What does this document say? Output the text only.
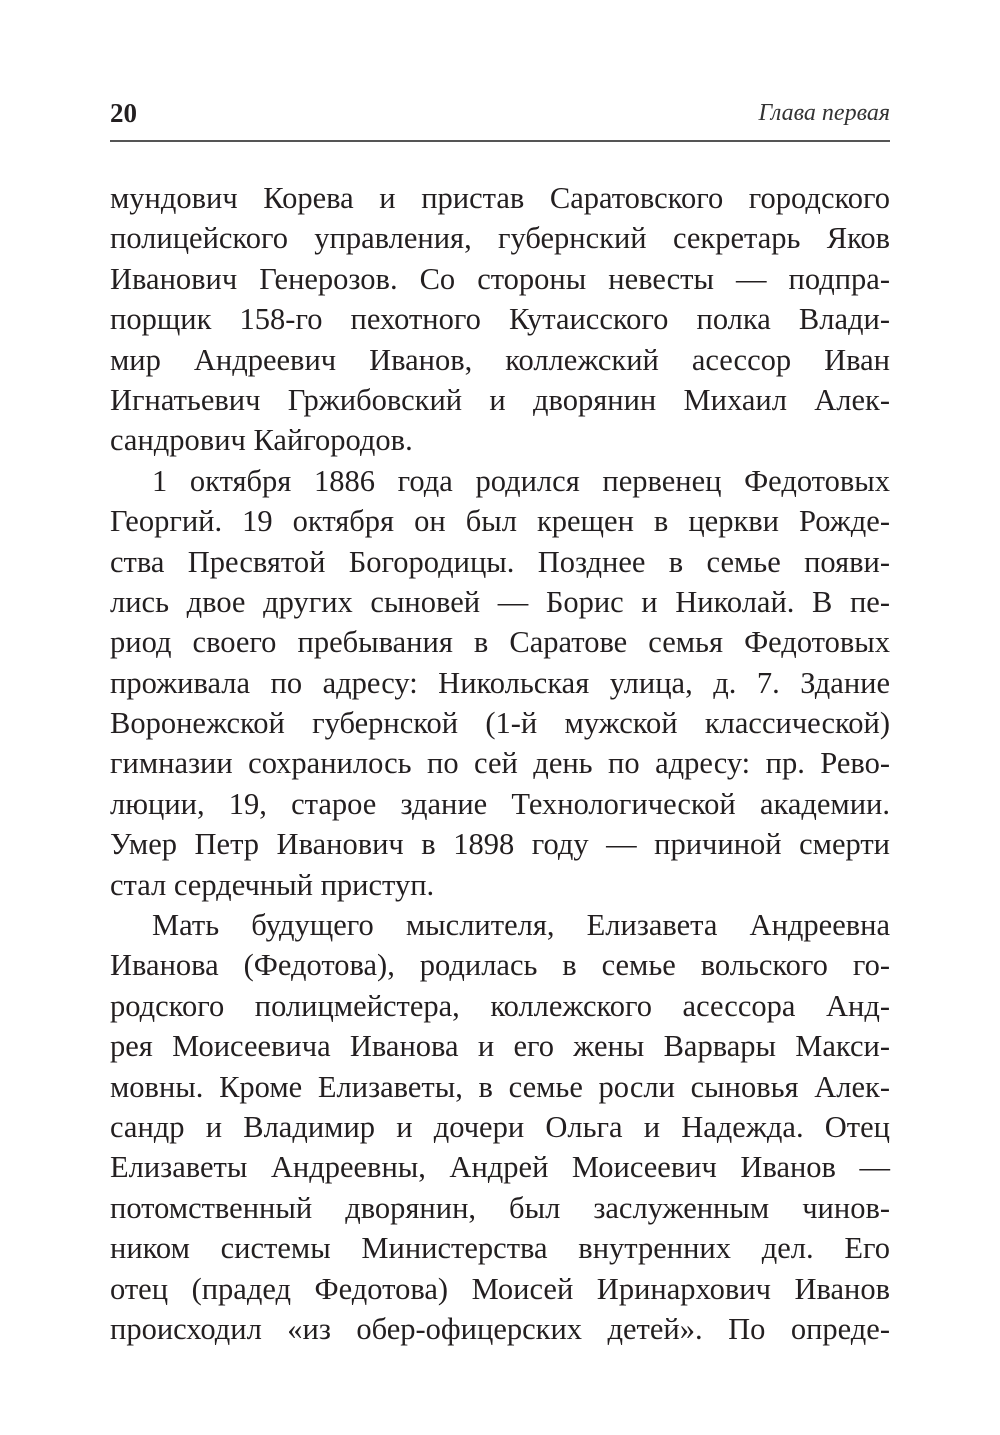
20	Глава первая
мундович Корева и пристав Саратовского городского
полицейского управления, губернский секретарь Яков
Иванович Генерозов. Со стороны невесты — подпра-
порщик 158-го пехотного Кутаисского полка Влади-
мир Андреевич Иванов, коллежский асессор Иван
Игнатьевич Гржибовский и дворянин Михаил Алек-
сандрович Кайгородов.
1 октября 1886 года родился первенец Федотовых
Георгий. 19 октября он был крещен в церкви Рожде-
ства Пресвятой Богородицы. Позднее в семье появи-
лись двое других сыновей — Борис и Николай. В пе-
риод своего пребывания в Саратове семья Федотовых
проживала по адресу: Никольская улица, д. 7. Здание
Воронежской губернской (1-й мужской классической)
гимназии сохранилось по сей день по адресу: пр. Рево-
люции, 19, старое здание Технологической академии.
Умер Петр Иванович в 1898 году — причиной смерти
стал сердечный приступ.
Мать будущего мыслителя, Елизавета Андреевна
Иванова (Федотова), родилась в семье вольского го-
родского полицмейстера, коллежского асессора Анд-
рея Моисеевича Иванова и его жены Варвары Макси-
мовны. Кроме Елизаветы, в семье росли сыновья Алек-
сандр и Владимир и дочери Ольга и Надежда. Отец
Елизаветы Андреевны, Андрей Моисеевич Иванов —
потомственный дворянин, был заслуженным чинов-
ником системы Министерства внутренних дел. Его
отец (прадед Федотова) Моисей Иринархович Иванов
происходил «из обер-офицерских детей». По опреде-
